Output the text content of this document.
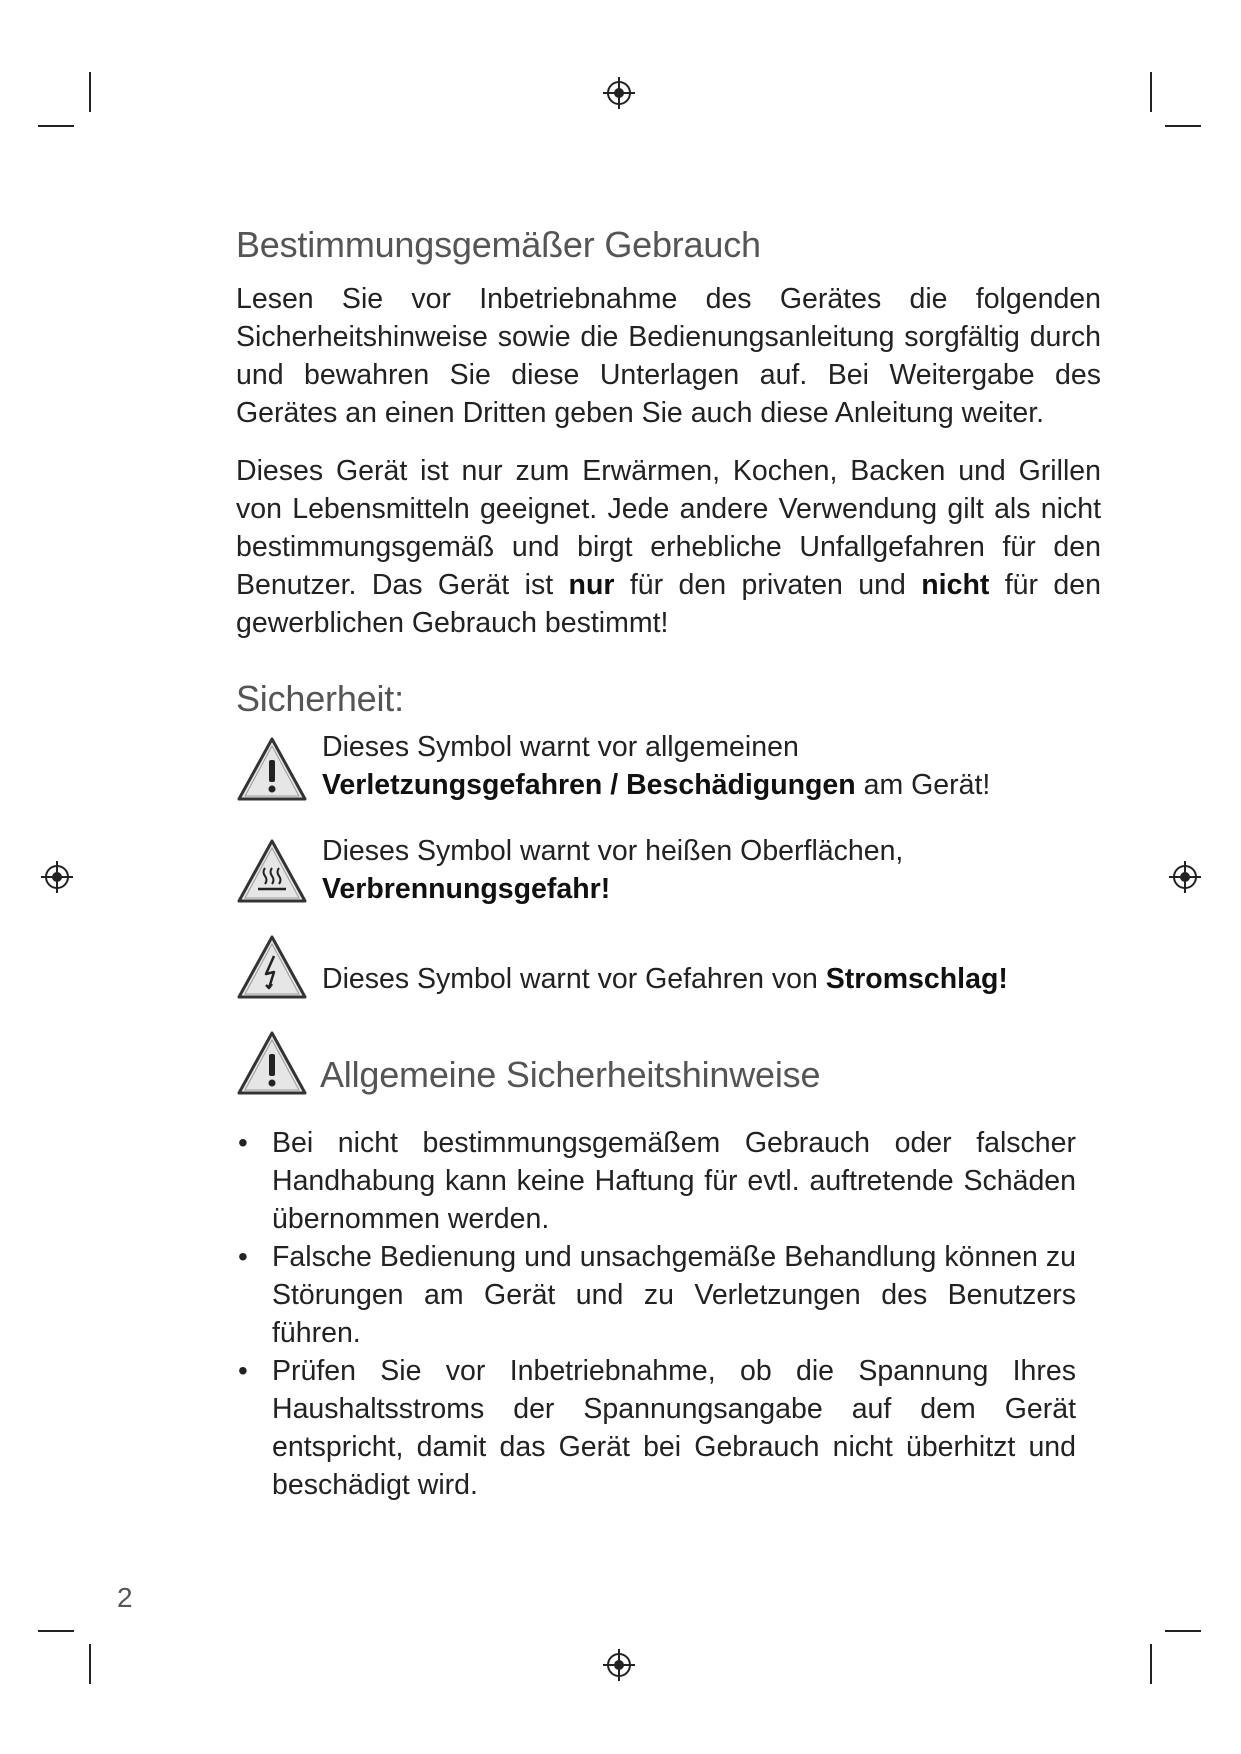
Bestimmungsgemäßer Gebrauch

Lesen Sie vor Inbetriebnahme des Gerätes die folgenden Sicherheitshinweise sowie die Bedienungsanleitung sorgfältig durch und bewahren Sie diese Unterlagen auf. Bei Weitergabe des Gerätes an einen Dritten geben Sie auch diese Anleitung weiter.

Dieses Gerät ist nur zum Erwärmen, Kochen, Backen und Grillen von Lebensmitteln geeignet. Jede andere Verwendung gilt als nicht bestimmungsgemäß und birgt erhebliche Unfallgefahren für den Benutzer. Das Gerät ist nur für den privaten und nicht für den gewerblichen Gebrauch bestimmt!

Sicherheit:
Dieses Symbol warnt vor allgemeinen
Verletzungsgefahren / Beschädigungen am Gerät!
Dieses Symbol warnt vor heißen Oberflächen,
Verbrennungsgefahr!
Dieses Symbol warnt vor Gefahren von Stromschlag!
Allgemeine Sicherheitshinweise
• Bei nicht bestimmungsgemäßem Gebrauch oder falscher Handhabung kann keine Haftung für evtl. auftretende Schäden übernommen werden.
• Falsche Bedienung und unsachgemäße Behandlung können zu Störungen am Gerät und zu Verletzungen des Benutzers führen.
• Prüfen Sie vor Inbetriebnahme, ob die Spannung Ihres Haushaltsstroms der Spannungsangabe auf dem Gerät entspricht, damit das Gerät bei Gebrauch nicht überhitzt und beschädigt wird.
2
